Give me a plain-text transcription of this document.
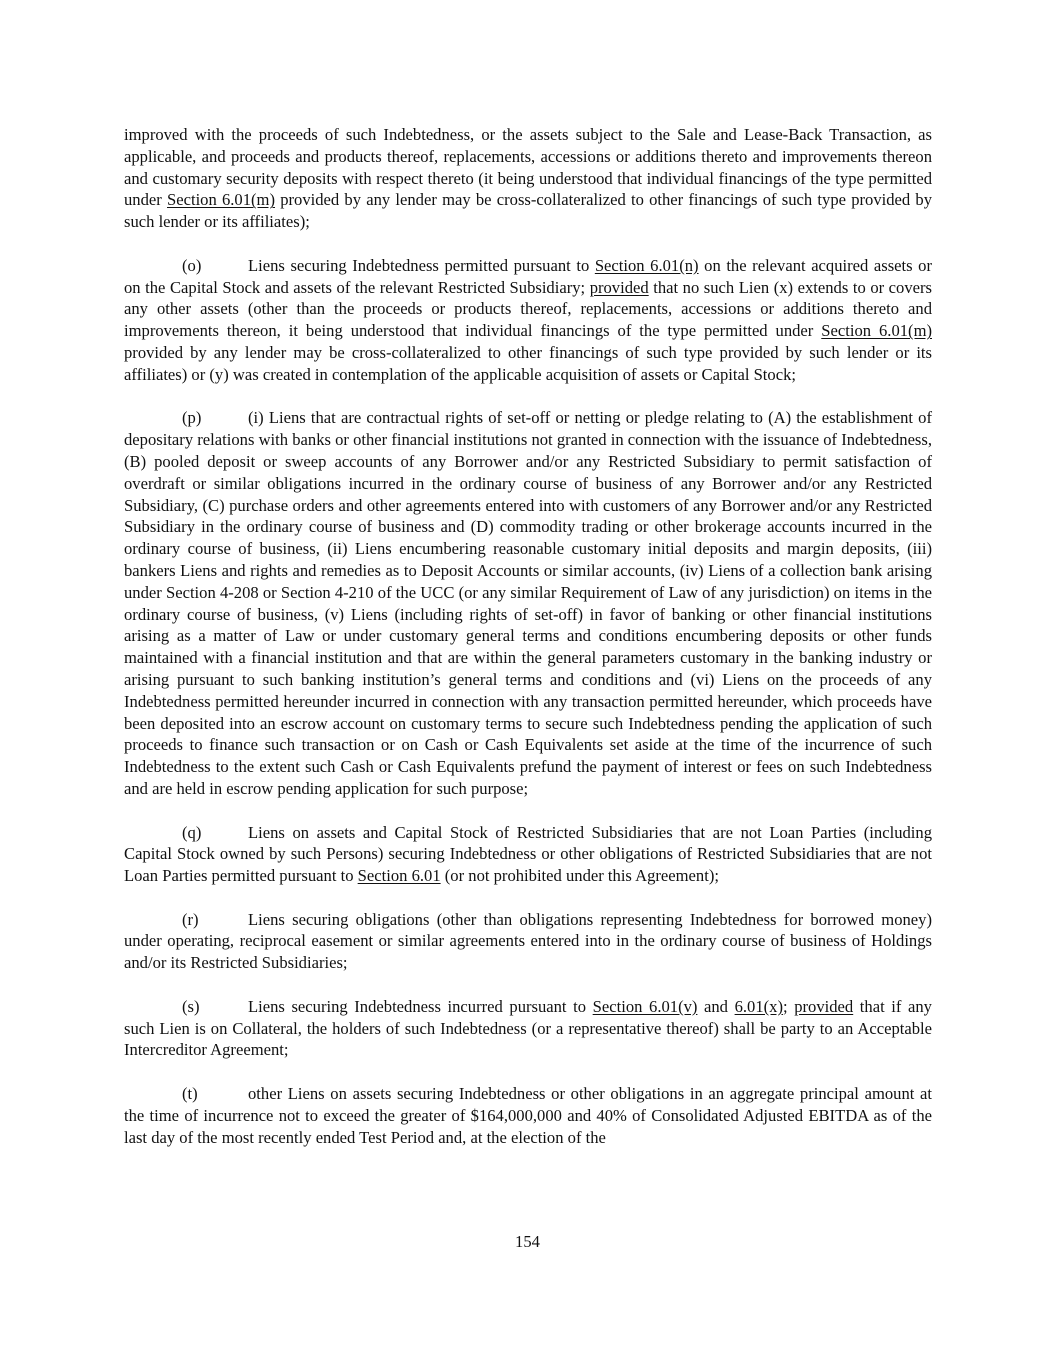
improved with the proceeds of such Indebtedness, or the assets subject to the Sale and Lease-Back Transaction, as applicable, and proceeds and products thereof, replacements, accessions or additions thereto and improvements thereon and customary security deposits with respect thereto (it being understood that individual financings of the type permitted under Section 6.01(m) provided by any lender may be cross-collateralized to other financings of such type provided by such lender or its affiliates);

(o)	Liens securing Indebtedness permitted pursuant to Section 6.01(n) on the relevant acquired assets or on the Capital Stock and assets of the relevant Restricted Subsidiary; provided that no such Lien (x) extends to or covers any other assets (other than the proceeds or products thereof, replacements, accessions or additions thereto and improvements thereon, it being understood that individual financings of the type permitted under Section 6.01(m) provided by any lender may be cross-collateralized to other financings of such type provided by such lender or its affiliates) or (y) was created in contemplation of the applicable acquisition of assets or Capital Stock;

(p)	(i) Liens that are contractual rights of set-off or netting or pledge relating to (A) the establishment of depositary relations with banks or other financial institutions not granted in connection with the issuance of Indebtedness, (B) pooled deposit or sweep accounts of any Borrower and/or any Restricted Subsidiary to permit satisfaction of overdraft or similar obligations incurred in the ordinary course of business of any Borrower and/or any Restricted Subsidiary, (C) purchase orders and other agreements entered into with customers of any Borrower and/or any Restricted Subsidiary in the ordinary course of business and (D) commodity trading or other brokerage accounts incurred in the ordinary course of business, (ii) Liens encumbering reasonable customary initial deposits and margin deposits, (iii) bankers Liens and rights and remedies as to Deposit Accounts or similar accounts, (iv) Liens of a collection bank arising under Section 4-208 or Section 4-210 of the UCC (or any similar Requirement of Law of any jurisdiction) on items in the ordinary course of business, (v) Liens (including rights of set-off) in favor of banking or other financial institutions arising as a matter of Law or under customary general terms and conditions encumbering deposits or other funds maintained with a financial institution and that are within the general parameters customary in the banking industry or arising pursuant to such banking institution’s general terms and conditions and (vi) Liens on the proceeds of any Indebtedness permitted hereunder incurred in connection with any transaction permitted hereunder, which proceeds have been deposited into an escrow account on customary terms to secure such Indebtedness pending the application of such proceeds to finance such transaction or on Cash or Cash Equivalents set aside at the time of the incurrence of such Indebtedness to the extent such Cash or Cash Equivalents prefund the payment of interest or fees on such Indebtedness and are held in escrow pending application for such purpose;

(q)	Liens on assets and Capital Stock of Restricted Subsidiaries that are not Loan Parties (including Capital Stock owned by such Persons) securing Indebtedness or other obligations of Restricted Subsidiaries that are not Loan Parties permitted pursuant to Section 6.01 (or not prohibited under this Agreement);

(r)	Liens securing obligations (other than obligations representing Indebtedness for borrowed money) under operating, reciprocal easement or similar agreements entered into in the ordinary course of business of Holdings and/or its Restricted Subsidiaries;

(s)	Liens securing Indebtedness incurred pursuant to Section 6.01(v) and 6.01(x); provided that if any such Lien is on Collateral, the holders of such Indebtedness (or a representative thereof) shall be party to an Acceptable Intercreditor Agreement;

(t)	other Liens on assets securing Indebtedness or other obligations in an aggregate principal amount at the time of incurrence not to exceed the greater of $164,000,000 and 40% of Consolidated Adjusted EBITDA as of the last day of the most recently ended Test Period and, at the election of the

154
